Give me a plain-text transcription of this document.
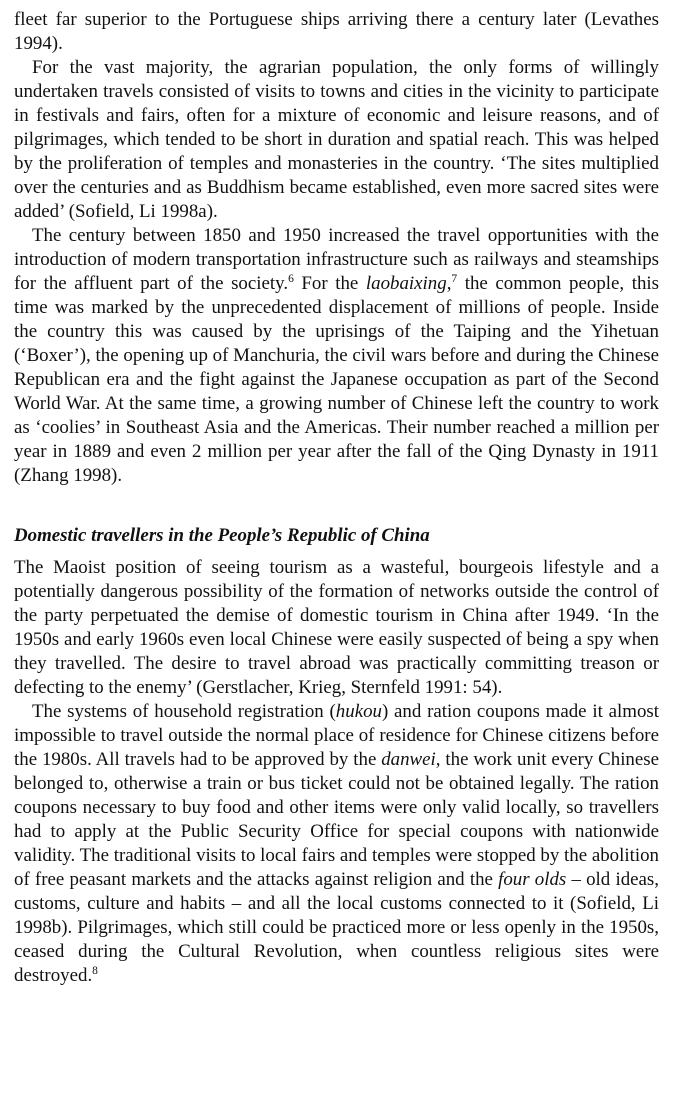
fleet far superior to the Portuguese ships arriving there a century later (Levathes 1994).

For the vast majority, the agrarian population, the only forms of willingly undertaken travels consisted of visits to towns and cities in the vicinity to participate in festivals and fairs, often for a mixture of economic and leisure reasons, and of pilgrimages, which tended to be short in duration and spatial reach. This was helped by the proliferation of temples and monasteries in the country. ‘The sites multiplied over the centuries and as Buddhism became established, even more sacred sites were added’ (Sofield, Li 1998a).

The century between 1850 and 1950 increased the travel opportunities with the introduction of modern transportation infrastructure such as railways and steamships for the affluent part of the society.$^6$ For the laobaixing,$^7$ the common people, this time was marked by the unprecedented displacement of millions of people. Inside the country this was caused by the uprisings of the Taiping and the Yihetuan (‘Boxer’), the opening up of Manchuria, the civil wars before and during the Chinese Republican era and the fight against the Japanese occupation as part of the Second World War. At the same time, a growing number of Chinese left the country to work as ‘coolies’ in Southeast Asia and the Americas. Their number reached a million per year in 1889 and even 2 million per year after the fall of the Qing Dynasty in 1911 (Zhang 1998).

Domestic travellers in the People’s Republic of China

The Maoist position of seeing tourism as a wasteful, bourgeois lifestyle and a potentially dangerous possibility of the formation of networks outside the control of the party perpetuated the demise of domestic tourism in China after 1949. ‘In the 1950s and early 1960s even local Chinese were easily suspected of being a spy when they travelled. The desire to travel abroad was practically committing treason or defecting to the enemy’ (Gerstlacher, Krieg, Sternfeld 1991: 54).

The systems of household registration (hukou) and ration coupons made it almost impossible to travel outside the normal place of residence for Chinese citizens before the 1980s. All travels had to be approved by the danwei, the work unit every Chinese belonged to, otherwise a train or bus ticket could not be obtained legally. The ration coupons necessary to buy food and other items were only valid locally, so travellers had to apply at the Public Security Office for special coupons with nationwide validity. The traditional visits to local fairs and temples were stopped by the abolition of free peasant markets and the attacks against religion and the four olds – old ideas, customs, culture and habits – and all the local customs connected to it (Sofield, Li 1998b). Pilgrimages, which still could be practiced more or less openly in the 1950s, ceased during the Cultural Revolution, when countless religious sites were destroyed.$^8$
